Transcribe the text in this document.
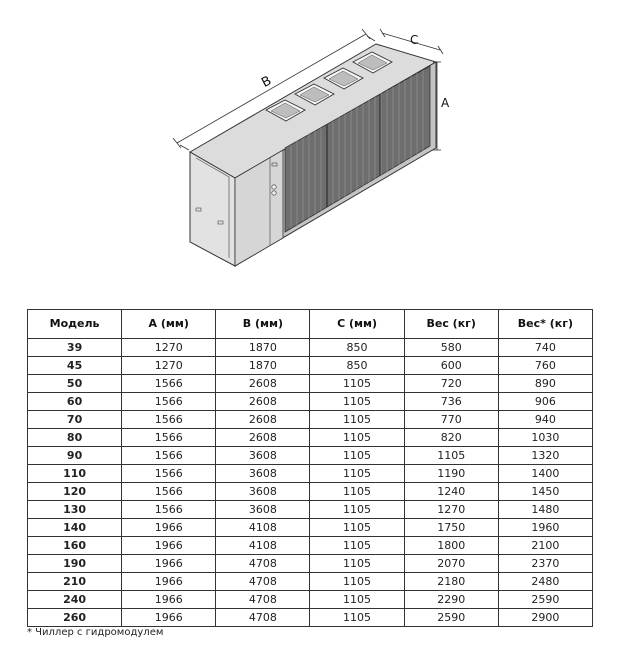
B
C
A
Модель	A (мм)	B (мм)	C (мм)	Вес (кг)	Вес* (кг)
39	1270	1870	850	580	740
45	1270	1870	850	600	760
50	1566	2608	1105	720	890
60	1566	2608	1105	736	906
70	1566	2608	1105	770	940
80	1566	2608	1105	820	1030
90	1566	3608	1105	1105	1320
110	1566	3608	1105	1190	1400
120	1566	3608	1105	1240	1450
130	1566	3608	1105	1270	1480
140	1966	4108	1105	1750	1960
160	1966	4108	1105	1800	2100
190	1966	4708	1105	2070	2370
210	1966	4708	1105	2180	2480
240	1966	4708	1105	2290	2590
260	1966	4708	1105	2590	2900
* Чиллер с гидромодулем
